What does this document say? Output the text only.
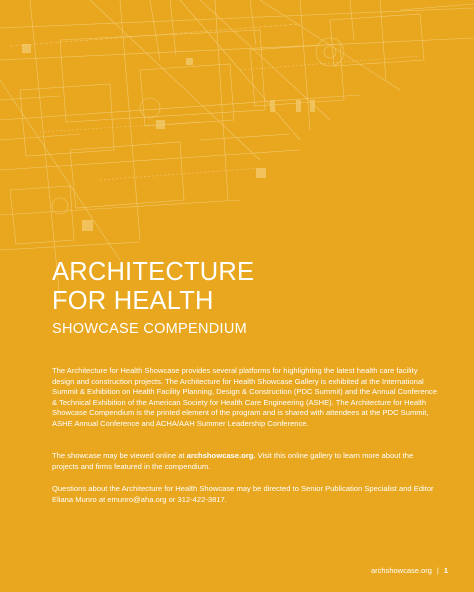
ARCHITECTURE
FOR HEALTH
SHOWCASE COMPENDIUM

The Architecture for Health Showcase provides several platforms for highlighting the latest health care facility design and construction projects. The Architecture for Health Showcase Gallery is exhibited at the International Summit & Exhibition on Health Facility Planning, Design & Construction (PDC Summit) and the Annual Conference & Technical Exhibition of the American Society for Health Care Engineering (ASHE). The Architecture for Health Showcase Compendium is the printed element of the program and is shared with attendees at the PDC Summit, ASHE Annual Conference and ACHA/AAH Summer Leadership Conference.

The showcase may be viewed online at archshowcase.org. Visit this online gallery to learn more about the projects and firms featured in the compendium.

Questions about the Architecture for Health Showcase may be directed to Senior Publication Specialist and Editor Eliana Munro at emunro@aha.org or 312-422-3817.

archshowcase.org | 1
